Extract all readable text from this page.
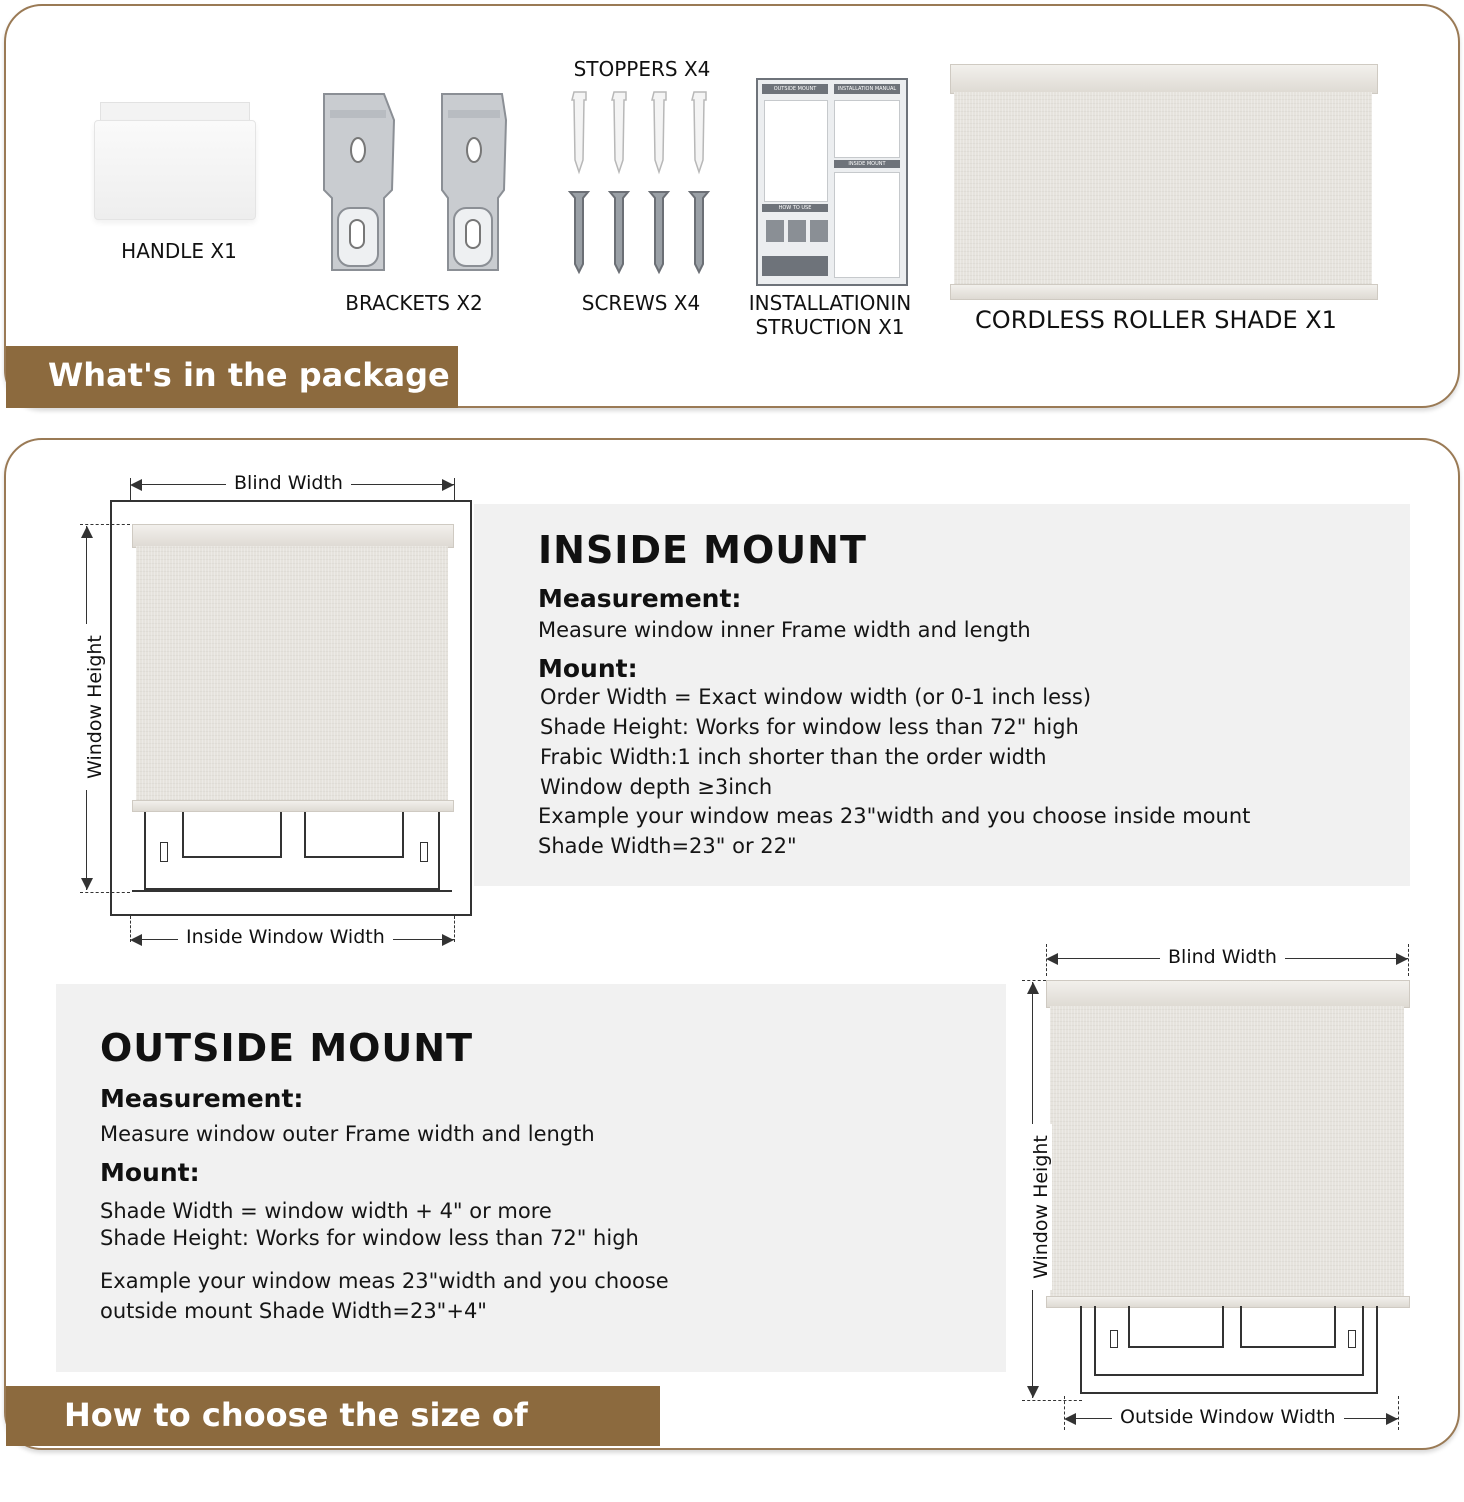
HANDLE X1
BRACKETS X2
STOPPERS X4
SCREWS X4
OUTSIDE MOUNT	INSTALLATION MANUAL
INSIDE MOUNT
HOW TO USE
INSTALLATIONIN
STRUCTION X1	CORDLESS ROLLER SHADE X1
What's in the package
Blind Width
Window Height
Inside Window Width
INSIDE MOUNT
Measurement:
Measure window inner Frame width and length
Mount:
Order Width = Exact window width (or 0-1 inch less)
Shade Height: Works for window less than 72" high
Frabic Width:1 inch shorter than the order width
Window depth ≥3inch
Example your window meas 23"width and you choose inside mount
Shade Width=23" or 22"
OUTSIDE MOUNT
Measurement:
Measure window outer Frame width and length
Mount:
Shade Width = window width + 4" or more
Shade Height: Works for window less than 72" high
Example your window meas 23"width and you choose
outside mount Shade Width=23"+4"
Blind Width
Window Height
Outside Window Width
How to choose the size of shades
